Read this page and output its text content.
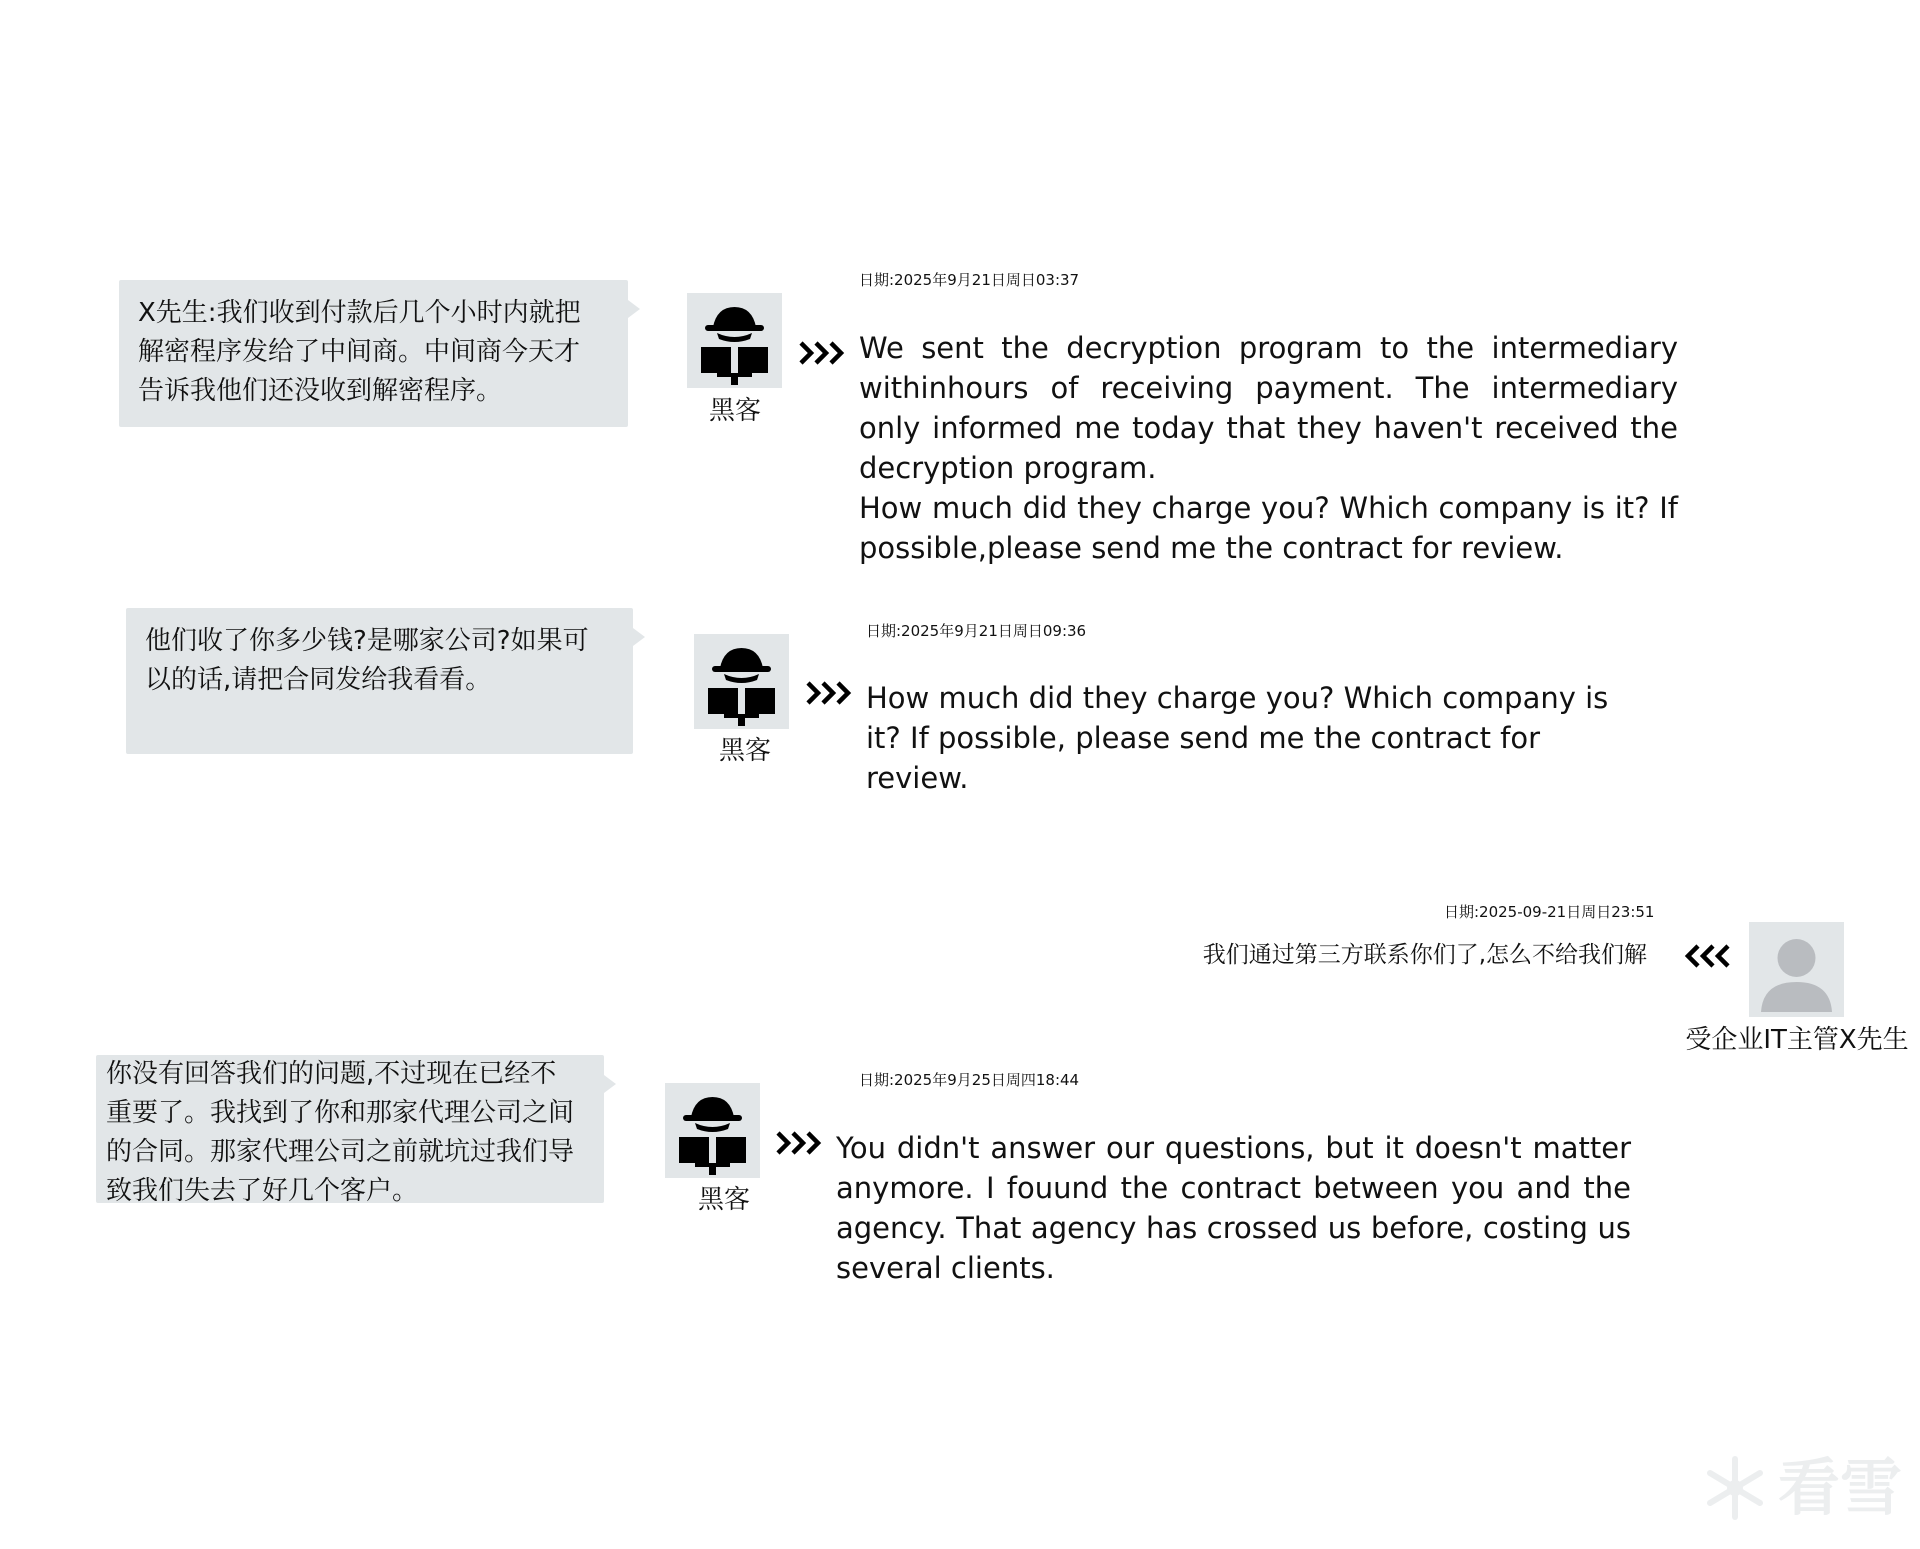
X先生:我们收到付款后几个小时内就把
解密程序发给了中间商。中间商今天才
告诉我他们还没收到解密程序。
黑客
日期:2025年9月21日周日03:37

We sent the decryption program to the intermediary withinhours of receiving payment. The intermediary only informed me today that they haven't received the decryption program.

How much did they charge you? Which company is it? If possible,please send me the contract for review.

他们收了你多少钱?是哪家公司?如果可
以的话,请把合同发给我看看。
黑客
日期:2025年9月21日周日09:36

How much did they charge you? Which company is it? If possible, please send me the contract for review.

日期:2025-09-21日周日23:51
我们通过第三方联系你们了,怎么不给我们解
受企业IT主管X先生
你没有回答我们的问题,不过现在已经不
重要了。我找到了你和那家代理公司之间
的合同。那家代理公司之前就坑过我们导
致我们失去了好几个客户。	黑客
日期:2025年9月25日周四18:44

You didn't answer our questions, but it doesn't matter anymore. I fouund the contract between you and the agency. That agency has crossed us before, costing us several clients.

看雪
